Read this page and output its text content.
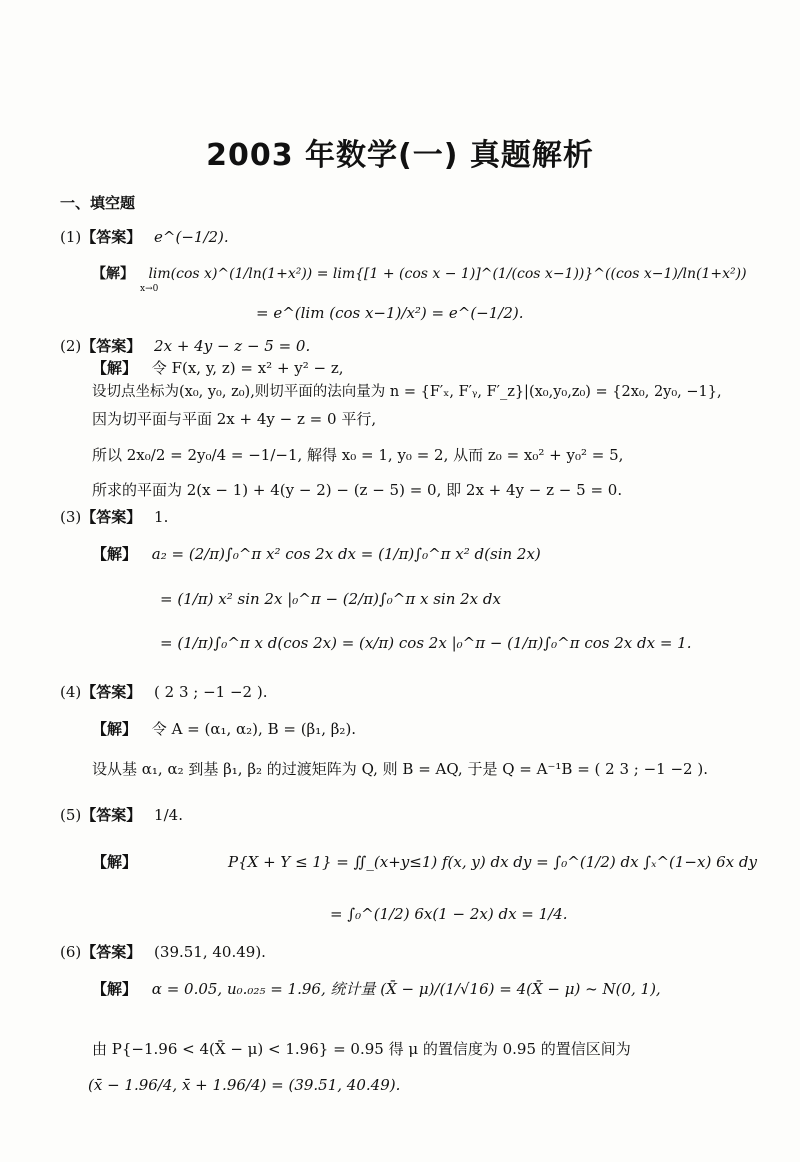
2003 年数学(一) 真题解析
一、填空题
(1)【答案】 e^(−1/2).
【解】 lim(cos x)^(1/ln(1+x²)) = lim{[1 + (cos x − 1)]^(1/(cos x−1))}^((cos x−1)/ln(1+x²))
x→0
= e^(lim (cos x−1)/x²) = e^(−1/2).
(2)【答案】 2x + 4y − z − 5 = 0.
【解】 令 F(x, y, z) = x² + y² − z,
设切点坐标为(x₀, y₀, z₀),则切平面的法向量为 n = {F′ₓ, F′ᵧ, F′_z}|(x₀,y₀,z₀) = {2x₀, 2y₀, −1},
因为切平面与平面 2x + 4y − z = 0 平行,
所以 2x₀/2 = 2y₀/4 = −1/−1, 解得 x₀ = 1, y₀ = 2, 从而 z₀ = x₀² + y₀² = 5,
所求的平面为 2(x − 1) + 4(y − 2) − (z − 5) = 0, 即 2x + 4y − z − 5 = 0.
(3)【答案】 1.
【解】 a₂ = (2/π)∫₀^π x² cos 2x dx = (1/π)∫₀^π x² d(sin 2x)
= (1/π) x² sin 2x |₀^π − (2/π)∫₀^π x sin 2x dx
= (1/π)∫₀^π x d(cos 2x) = (x/π) cos 2x |₀^π − (1/π)∫₀^π cos 2x dx = 1.
(4)【答案】 ( 2 3 ; −1 −2 ).
【解】 令 A = (α₁, α₂), B = (β₁, β₂).
设从基 α₁, α₂ 到基 β₁, β₂ 的过渡矩阵为 Q, 则 B = AQ, 于是 Q = A⁻¹B = ( 2 3 ; −1 −2 ).
(5)【答案】 1/4.
【解】	P{X + Y ≤ 1} = ∬_(x+y≤1) f(x, y) dx dy = ∫₀^(1/2) dx ∫ₓ^(1−x) 6x dy
= ∫₀^(1/2) 6x(1 − 2x) dx = 1/4.
(6)【答案】 (39.51, 40.49).
【解】 α = 0.05, u₀.₀₂₅ = 1.96, 统计量 (X̄ − μ)/(1/√16) = 4(X̄ − μ) ~ N(0, 1),
由 P{−1.96 < 4(X̄ − μ) < 1.96} = 0.95 得 μ 的置信度为 0.95 的置信区间为
(x̄ − 1.96/4, x̄ + 1.96/4) = (39.51, 40.49).
